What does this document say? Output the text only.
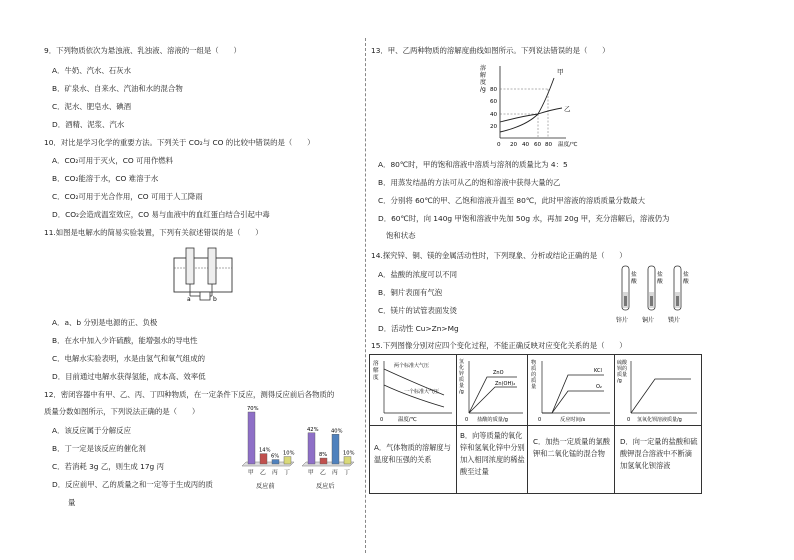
9．下列物质依次为悬浊液、乳浊液、溶液的一组是（　　）
A．牛奶、汽水、石灰水
B．矿泉水、自来水、汽油和水的混合物
C．泥水、肥皂水、碘酒
D．酒精、泥浆、汽水
10．对比是学习化学的重要方法。下列关于 CO₂与 CO 的比较中错误的是（　　）
A．CO₂可用于灭火，CO 可用作燃料
B．CO₂能溶于水，CO 难溶于水
C．CO₂可用于光合作用，CO 可用于人工降雨
D．CO₂会造成温室效应，CO 易与血液中的血红蛋白结合引起中毒
11.如图是电解水的简易实验装置，下列有关叙述错误的是（　　）
a	b
A．a、b 分别是电源的正、负极
B．在水中加入少许硫酸，能增强水的导电性
C．电解水实验表明，水是由氢气和氧气组成的
D．目前通过电解水获得氢能，成本高、效率低
12．密闭容器中有甲、乙、丙、丁四种物质，在一定条件下反应，测得反应前后各物质的
质量分数如图所示，下列说法正确的是（　　）
A．该反应属于分解反应
B．丁一定是该反应的催化剂
C．若消耗 3g 乙，则生成 17g 丙
D．反应前甲、乙的质量之和一定等于生成丙的质
量
70%
甲
14%
乙
6%
丙
10%
丁
42%
甲
8%
乙
40%
丙
10%
丁
反应前	反应后
13．甲、乙两种物质的溶解度曲线如图所示。下列说法错误的是（　　）
溶
解
度
/g
甲
乙
80
60
40
20
0 20 40 60 80 温度/℃
A．80℃时，甲的饱和溶液中溶质与溶剂的质量比为 4：5
B．用蒸发结晶的方法可从乙的饱和溶液中获得大量的乙
C．分别将 60℃的甲、乙饱和溶液升温至 80℃，此时甲溶液的溶质质量分数最大
D．60℃时，向 140g 甲饱和溶液中先加 50g 水，再加 20g 甲，充分溶解后，溶液仍为
饱和状态
14.探究锌、铜、镁的金属活动性时，下列现象、分析或结论正确的是（　　）
A．盐酸的浓度可以不同
B．铜片表面有气泡
C．镁片的试管表面发烫
D．活动性 Cu>Zn>Mg
盐
酸
盐
酸
盐
酸
锌片 铜片 镁片
15.下列图像分别对应四个变化过程，不能正确反映对应变化关系的是（　　）
溶
解
度
两个标准大气压
一个标准大气压
0	温度/℃
氢
化
锌
质
量
/g
ZnO
Zn(OH)₂
0 盐酸的质量/g
物
质
的
质
量
KCl
O₂
0	反应时间/s
硫酸
钡的
质量
/g
0 氢氧化钡溶液质量/g
A．气体物质的溶解度与温度和压强的关系
B．向等质量的氧化锌和氢氧化锌中分别加入相同浓度的稀盐酸至过量
C．加热一定质量的氯酸钾和二氧化锰的混合物
D．向一定量的盐酸和硫酸钾混合溶液中不断滴加氢氧化钡溶液
